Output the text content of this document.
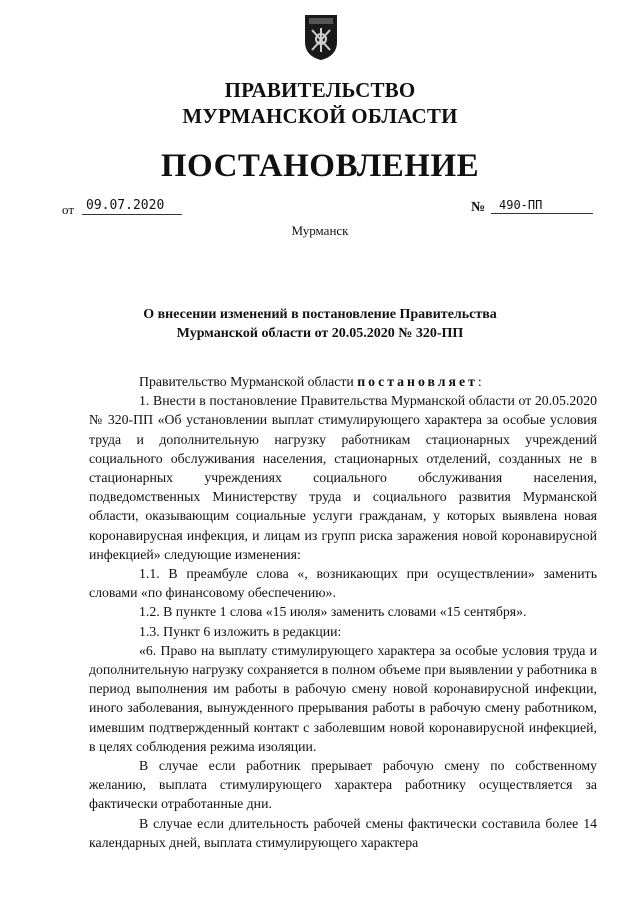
ПРАВИТЕЛЬСТВО
МУРМАНСКОЙ ОБЛАСТИ
ПОСТАНОВЛЕНИЕ
от 09.07.2020	№	490-ПП
Мурманск
О внесении изменений в постановление Правительства
Мурманской области от 20.05.2020 № 320-ПП

Правительство Мурманской области постановляет:

1. Внести в постановление Правительства Мурманской области от 20.05.2020 № 320-ПП «Об установлении выплат стимулирующего характера за особые условия труда и дополнительную нагрузку работникам стационарных учреждений социального обслуживания населения, стационарных отделений, созданных не в стационарных учреждениях социального обслуживания населения, подведомственных Министерству труда и социального развития Мурманской области, оказывающим социальные услуги гражданам, у которых выявлена новая коронавирусная инфекция, и лицам из групп риска заражения новой коронавирусной инфекцией» следующие изменения:

1.1. В преамбуле слова «, возникающих при осуществлении» заменить словами «по финансовому обеспечению».

1.2. В пункте 1 слова «15 июля» заменить словами «15 сентября».

1.3. Пункт 6 изложить в редакции:

«6. Право на выплату стимулирующего характера за особые условия труда и дополнительную нагрузку сохраняется в полном объеме при выявлении у работника в период выполнения им работы в рабочую смену новой коронавирусной инфекции, иного заболевания, вынужденного прерывания работы в рабочую смену работником, имевшим подтвержденный контакт с заболевшим новой коронавирусной инфекцией, в целях соблюдения режима изоляции.

В случае если работник прерывает рабочую смену по собственному желанию, выплата стимулирующего характера работнику осуществляется за фактически отработанные дни.

В случае если длительность рабочей смены фактически составила более 14 календарных дней, выплата стимулирующего характера
